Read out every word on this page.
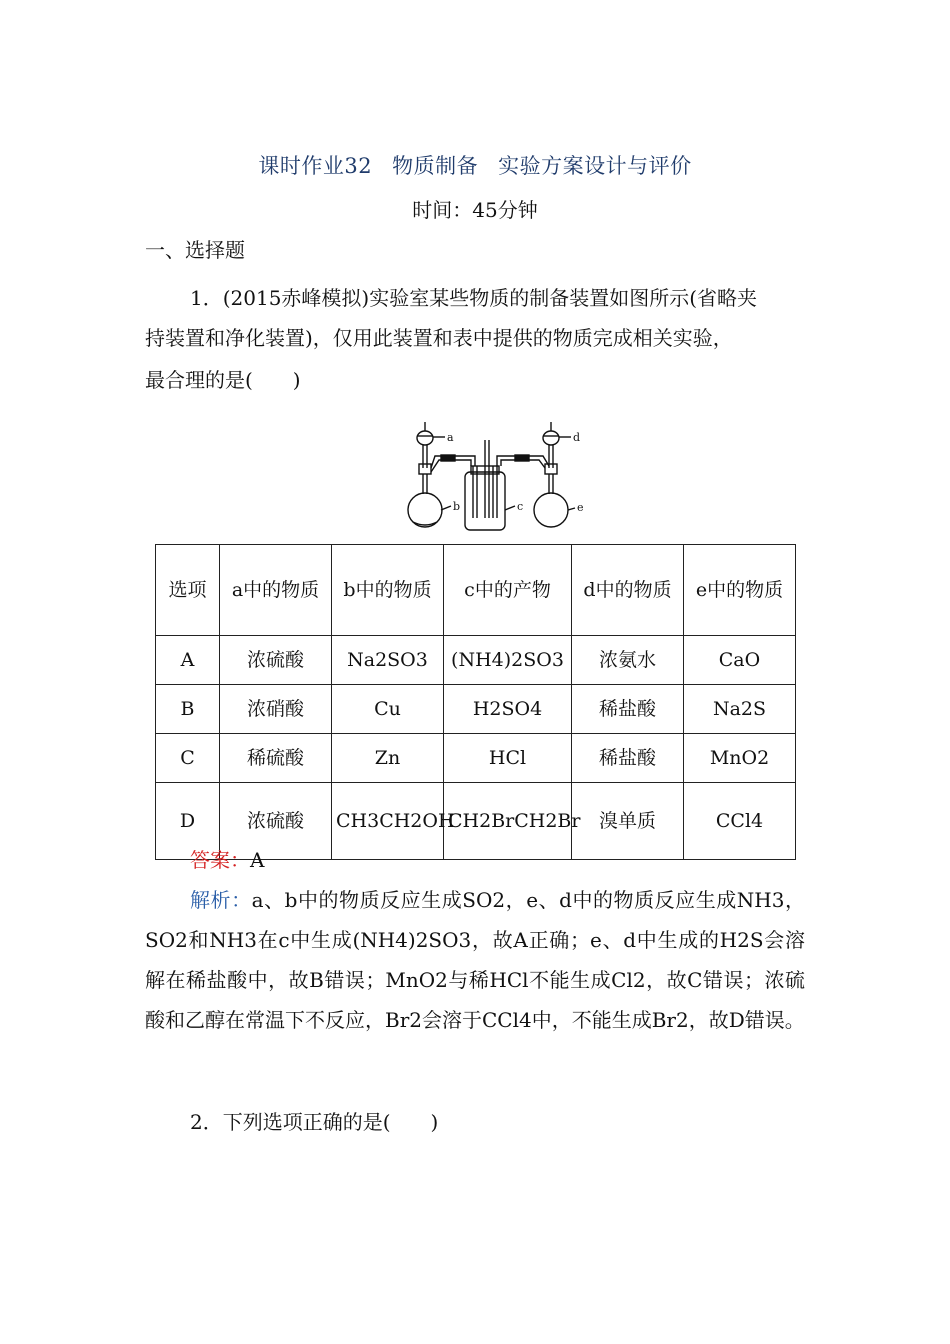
课时作业32 物质制备 实验方案设计与评价
时间：45分钟
一、选择题
1．(2015赤峰模拟)实验室某些物质的制备装置如图所示(省略夹
持装置和净化装置)，仅用此装置和表中提供的物质完成相关实验，
最合理的是(　　)
a
b	c
d
e
选项	a中的物质	b中的物质	c中的产物	d中的物质	e中的物质
A	浓硫酸	Na2SO3	(NH4)2SO3	浓氨水	CaO
B	浓硝酸	Cu	H2SO4	稀盐酸	Na2S
C	稀硫酸	Zn	HCl	稀盐酸	MnO2
D	浓硫酸	CH3CH2OH	CH2BrCH2Br	溴单质	CCl4
答案：A
解析：a、b中的物质反应生成SO2，e、d中的物质反应生成NH3，SO2和NH3在c中生成(NH4)2SO3，故A正确；e、d中生成的H2S会溶解在稀盐酸中，故B错误；MnO2与稀HCl不能生成Cl2，故C错误；浓硫酸和乙醇在常温下不反应，Br2会溶于CCl4中，不能生成Br2，故D错误。
2．下列选项正确的是(　　)
